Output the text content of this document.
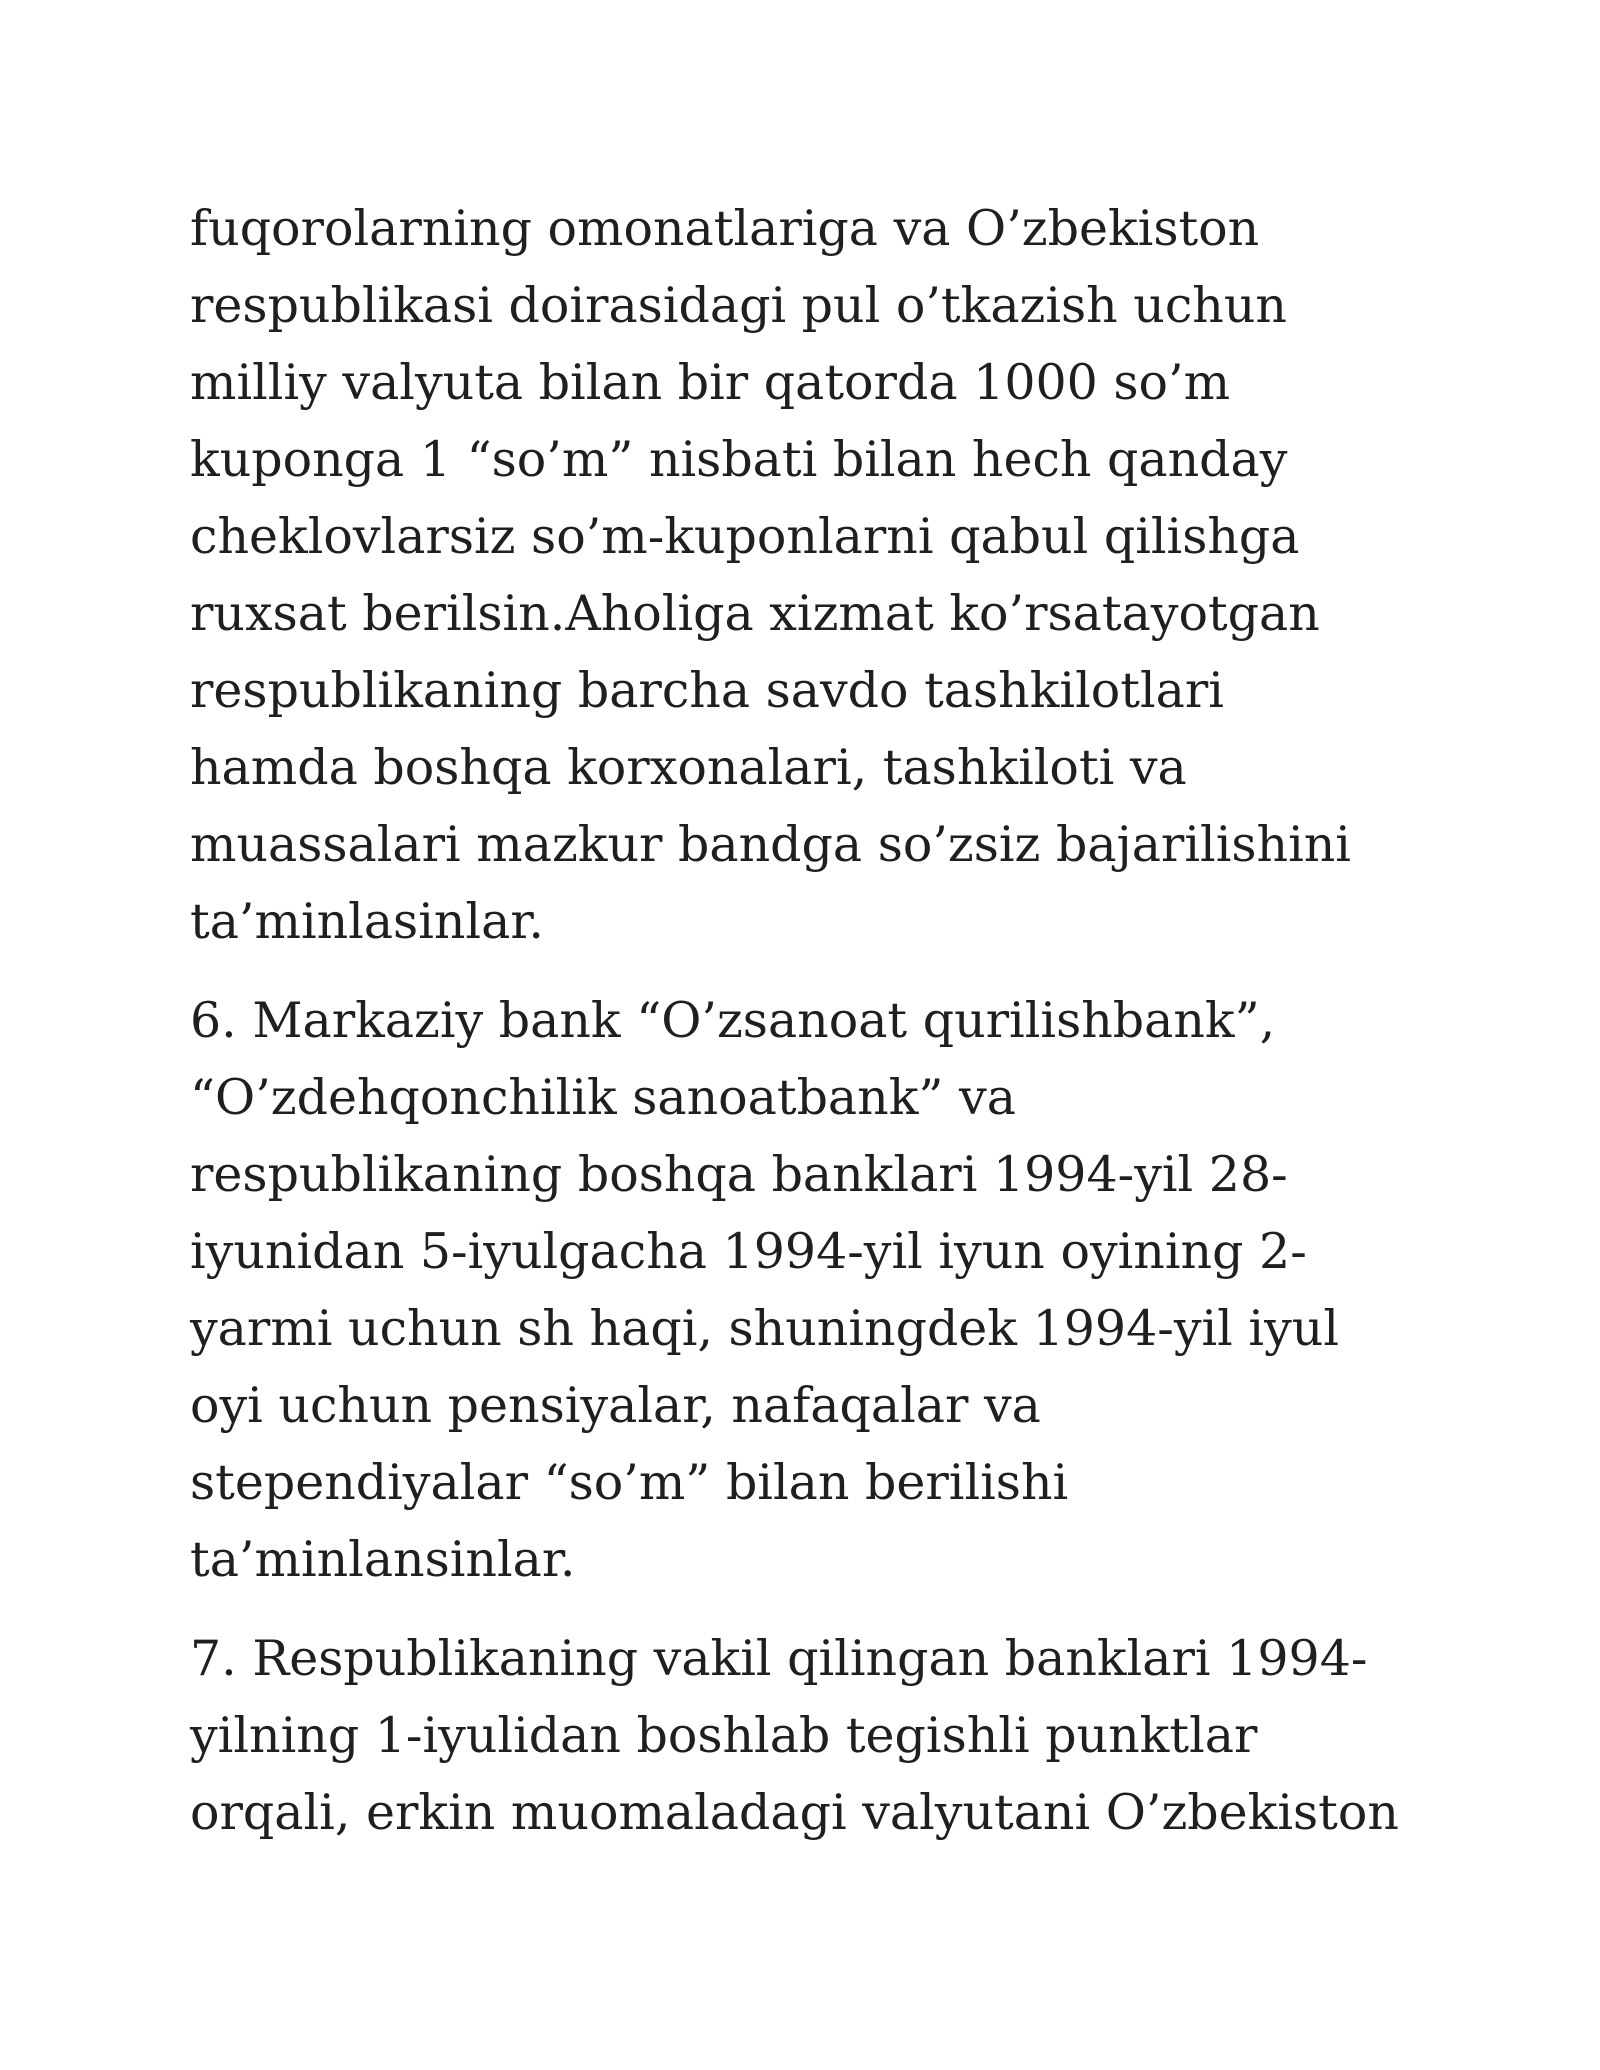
fuqorolarning omonatlariga va O’zbekiston
respublikasi doirasidagi pul o’tkazish uchun
milliy valyuta bilan bir qatorda 1000 so’m
kuponga 1 “so’m” nisbati bilan hech qanday
cheklovlarsiz so’m-kuponlarni qabul qilishga
ruxsat berilsin.Aholiga xizmat ko’rsatayotgan
respublikaning barcha savdo tashkilotlari
hamda boshqa korxonalari, tashkiloti va
muassalari mazkur bandga so’zsiz bajarilishini
ta’minlasinlar.
6. Markaziy bank “O’zsanoat qurilishbank”,
“O’zdehqonchilik sanoatbank” va
respublikaning boshqa banklari 1994-yil 28-
iyunidan 5-iyulgacha 1994-yil iyun oyining 2-
yarmi uchun sh haqi, shuningdek 1994-yil iyul
oyi uchun pensiyalar, nafaqalar va
stependiyalar “so’m” bilan berilishi
ta’minlansinlar.
7. Respublikaning vakil qilingan banklari 1994-
yilning 1-iyulidan boshlab tegishli punktlar
orqali, erkin muomaladagi valyutani O’zbekiston
